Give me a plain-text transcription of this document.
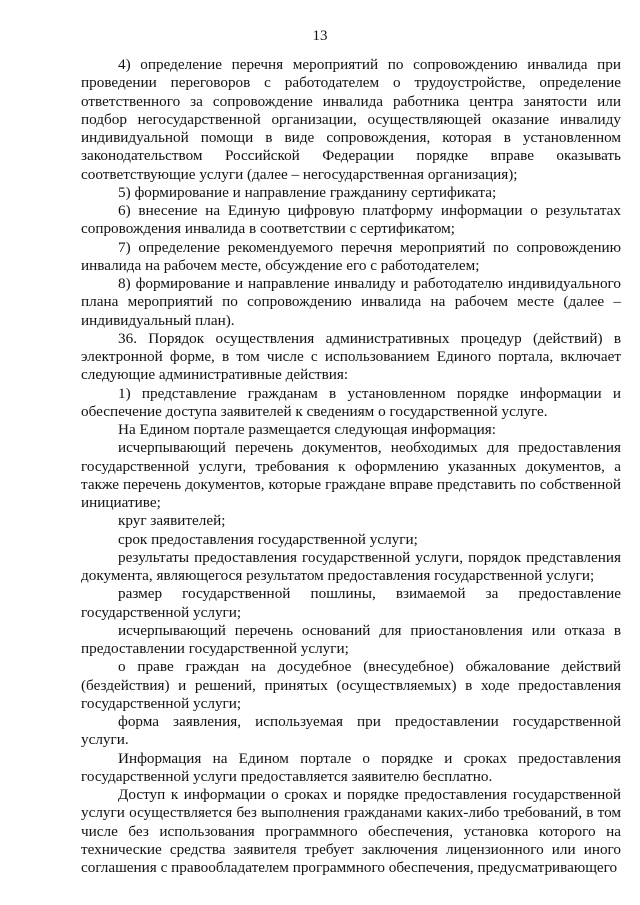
13

4) определение перечня мероприятий по сопровождению инвалида при проведении переговоров с работодателем о трудоустройстве, определение ответственного за сопровождение инвалида работника центра занятости или подбор негосударственной организации, осуществляющей оказание инвалиду индивидуальной помощи в виде сопровождения, которая в установленном законодательством Российской Федерации порядке вправе оказывать соответствующие услуги (далее – негосударственная организация);

5) формирование и направление гражданину сертификата;

6) внесение на Единую цифровую платформу информации о результатах сопровождения инвалида в соответствии с сертификатом;

7) определение рекомендуемого перечня мероприятий по сопровождению инвалида на рабочем месте, обсуждение его с работодателем;

8) формирование и направление инвалиду и работодателю индивидуального плана мероприятий по сопровождению инвалида на рабочем месте (далее – индивидуальный план).

36. Порядок осуществления административных процедур (действий) в электронной форме, в том числе с использованием Единого портала, включает следующие административные действия:

1) представление гражданам в установленном порядке информации и обеспечение доступа заявителей к сведениям о государственной услуге.

На Едином портале размещается следующая информация:

исчерпывающий перечень документов, необходимых для предоставления государственной услуги, требования к оформлению указанных документов, а также перечень документов, которые граждане вправе представить по собственной инициативе;

круг заявителей;

срок предоставления государственной услуги;

результаты предоставления государственной услуги, порядок представления документа, являющегося результатом предоставления государственной услуги;

размер государственной пошлины, взимаемой за предоставление государственной услуги;

исчерпывающий перечень оснований для приостановления или отказа в предоставлении государственной услуги;

о праве граждан на досудебное (внесудебное) обжалование действий (бездействия) и решений, принятых (осуществляемых) в ходе предоставления государственной услуги;

форма заявления, используемая при предоставлении государственной услуги.

Информация на Едином портале о порядке и сроках предоставления государственной услуги предоставляется заявителю бесплатно.

Доступ к информации о сроках и порядке предоставления государственной услуги осуществляется без выполнения гражданами каких-либо требований, в том числе без использования программного обеспечения, установка которого на технические средства заявителя требует заключения лицензионного или иного соглашения с правообладателем программного обеспечения, предусматривающего
